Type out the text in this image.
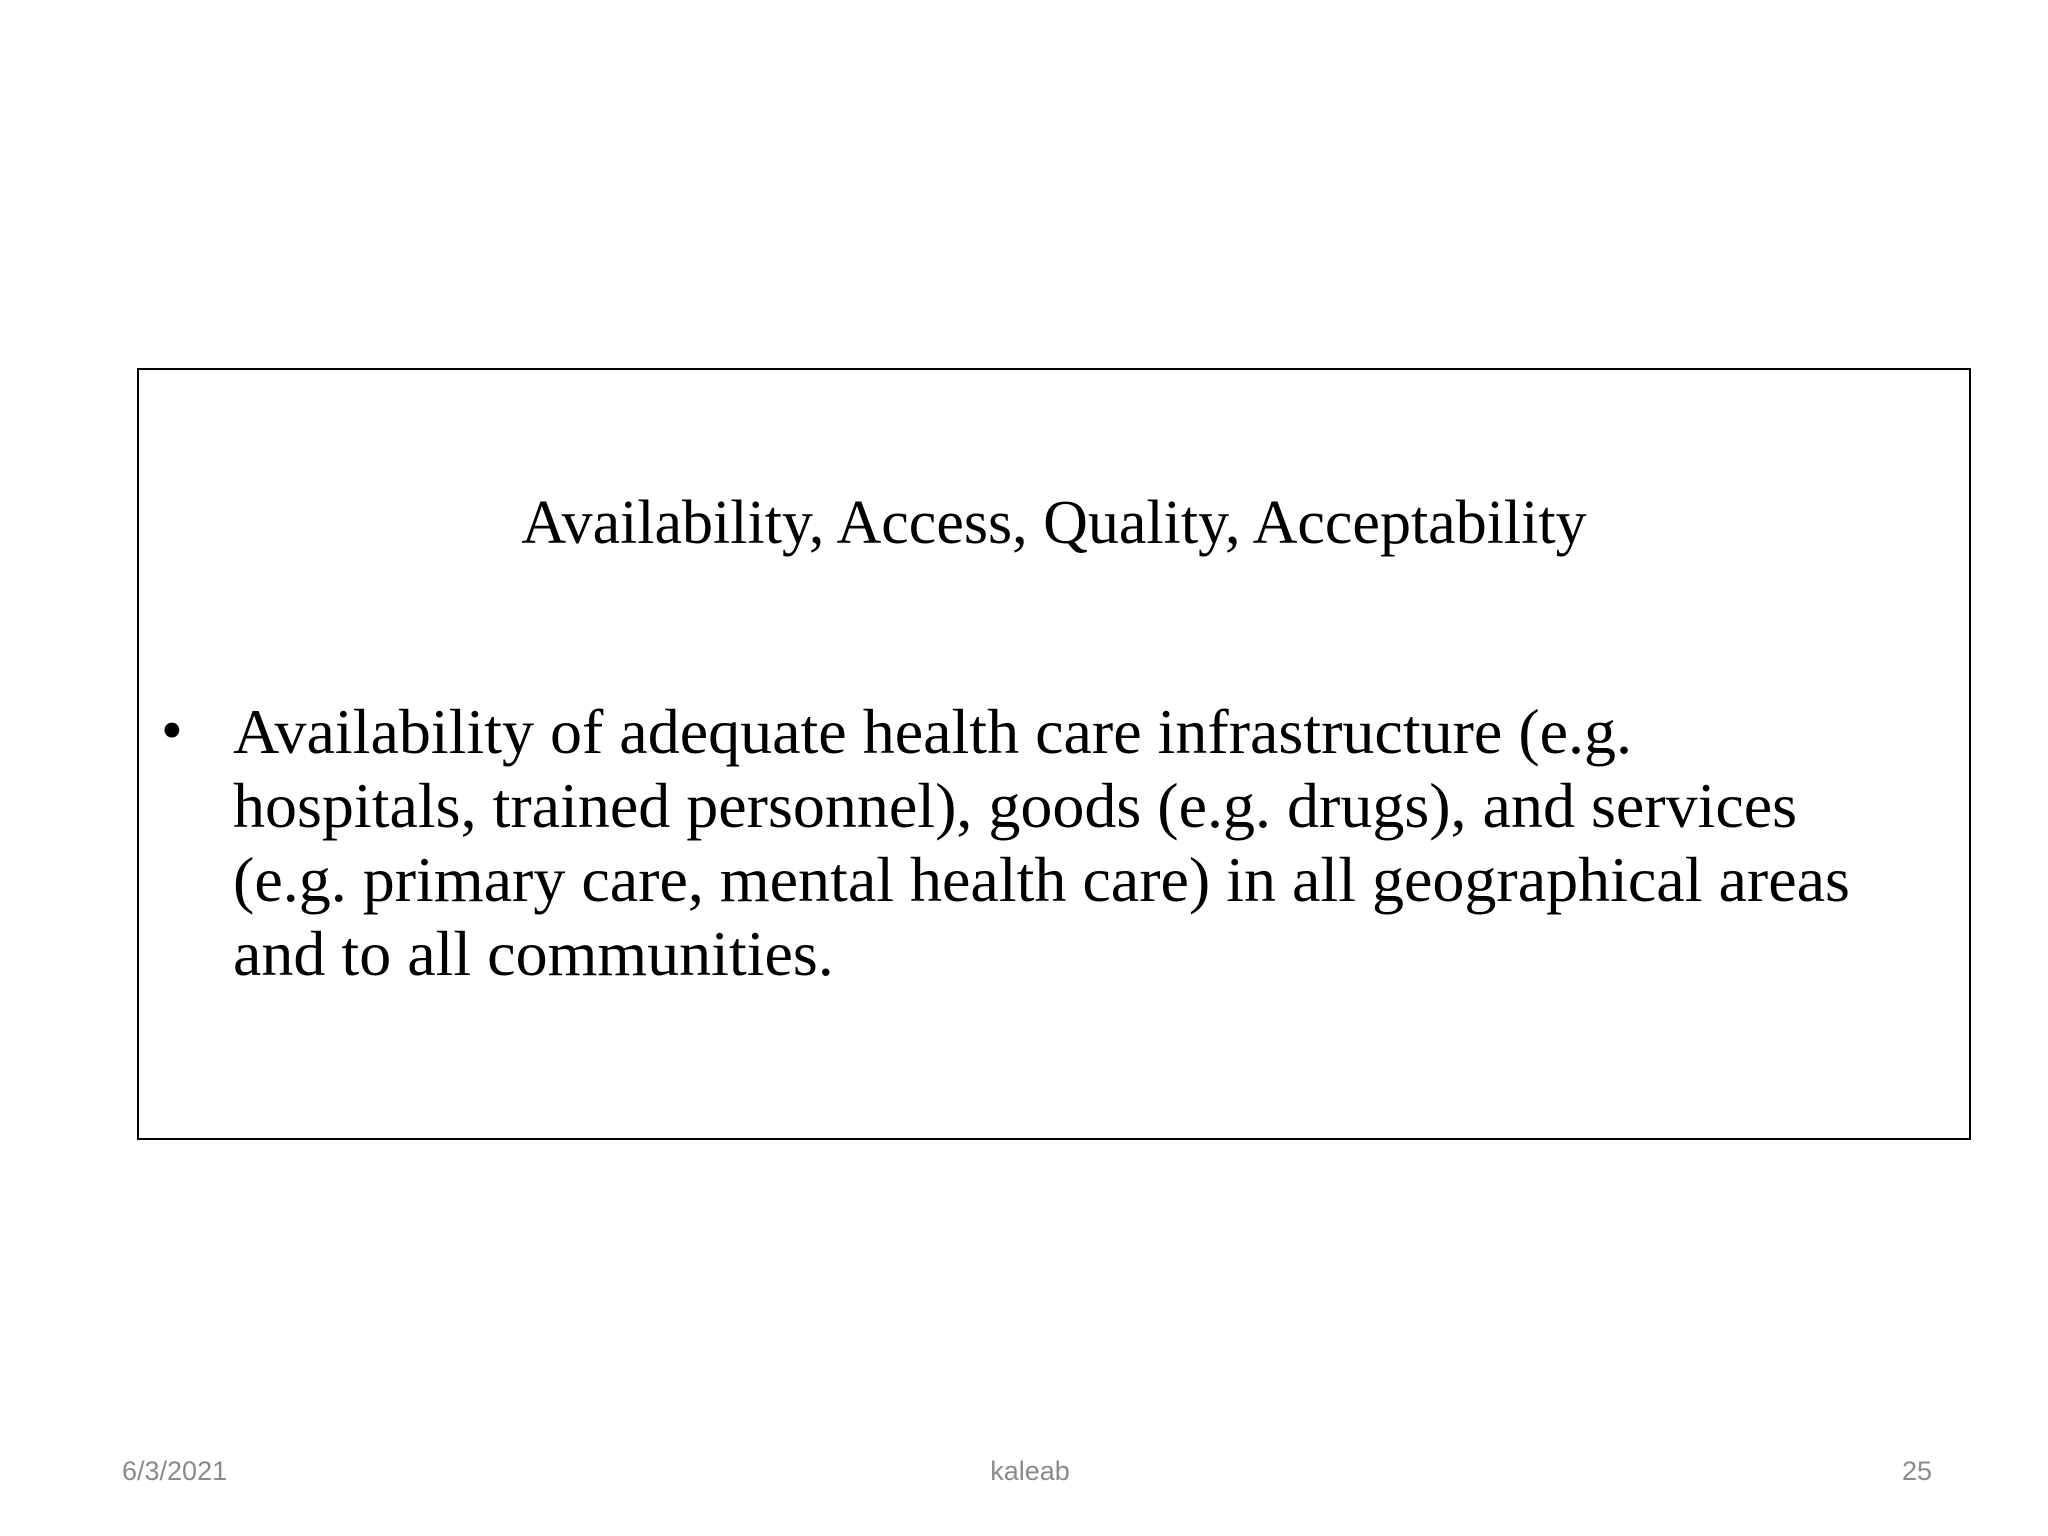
Availability, Access, Quality, Acceptability
• Availability of adequate health care infrastructure (e.g.
hospitals, trained personnel), goods (e.g. drugs), and services
(e.g. primary care, mental health care) in all geographical areas
and to all communities.
6/3/2021	kaleab	25
